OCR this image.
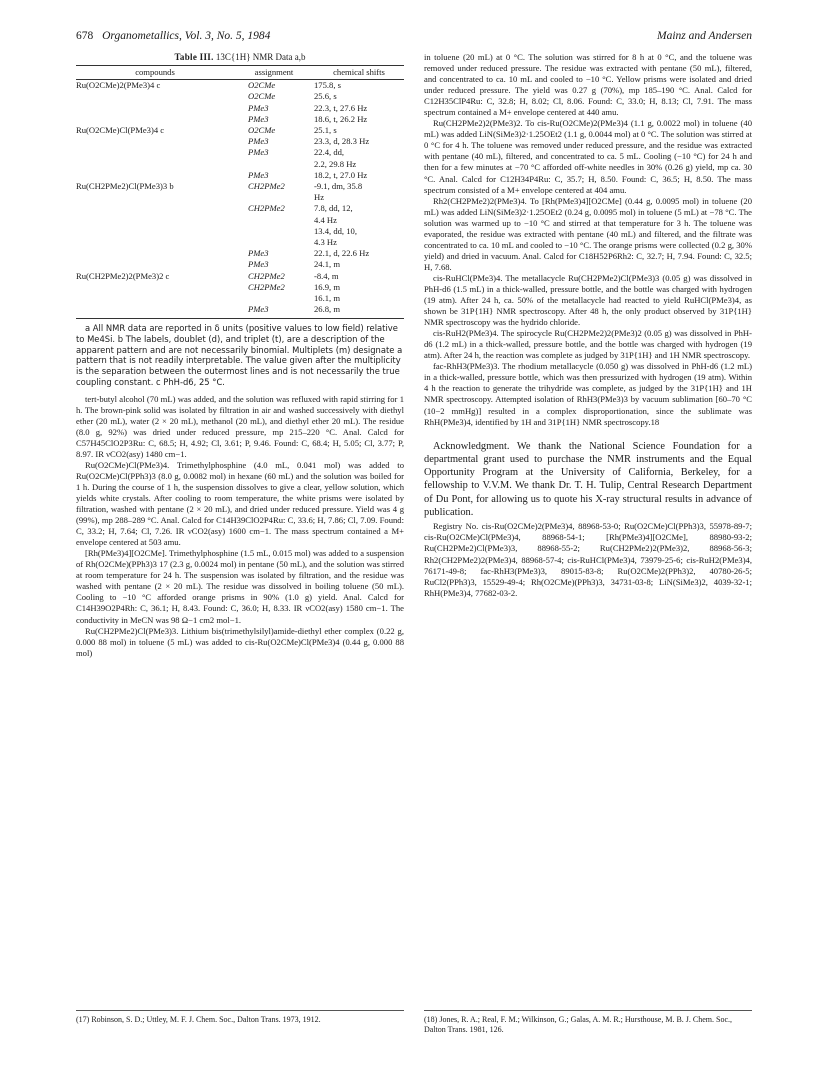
678 Organometallics, Vol. 3, No. 5, 1984	Mainz and Andersen
Table III. 13C{1H} NMR Data a,b
compounds	assignment	chemical shifts
Ru(O2CMe)2(PMe3)4 c	O2CMe	175.8, s
O2CMe	25.6, s
PMe3	22.3, t, 27.6 Hz
PMe3	18.6, t, 26.2 Hz
Ru(O2CMe)Cl(PMe3)4 c	O2CMe	25.1, s
PMe3	23.3, d, 28.3 Hz
PMe3	22.4, dd,
2.2, 29.8 Hz
PMe3	18.2, t, 27.0 Hz
Ru(CH2PMe2)Cl(PMe3)3 b	CH2PMe2	-9.1, dm, 35.8
Hz
CH2PMe2	7.8, dd, 12,
4.4 Hz
13.4, dd, 10,
4.3 Hz
PMe3	22.1, d, 22.6 Hz
PMe3	24.1, m
Ru(CH2PMe2)2(PMe3)2 c	CH2PMe2	-8.4, m
CH2PMe2	16.9, m
16.1, m
PMe3	26.8, m

a All NMR data are reported in δ units (positive values to low field) relative to Me4Si. b The labels, doublet (d), and triplet (t), are a description of the apparent pattern and are not necessarily binomial. Multiplets (m) designate a pattern that is not readily interpretable. The value given after the multiplicity is the separation between the outermost lines and is not necessarily the true coupling constant. c PhH-d6, 25 °C.

tert-butyl alcohol (70 mL) was added, and the solution was refluxed with rapid stirring for 1 h. The brown-pink solid was isolated by filtration in air and washed successively with diethyl ether (20 mL), water (2 × 20 mL), methanol (20 mL), and diethyl ether 20 mL). The residue (8.0 g, 92%) was dried under reduced pressure, mp 215–220 °C. Anal. Calcd for C57H45ClO2P3Ru: C, 68.5; H, 4.92; Cl, 3.61; P, 9.46. Found: C, 68.4; H, 5.05; Cl, 3.77; P, 8.97. IR νCO2(asy) 1480 cm−1.

Ru(O2CMe)Cl(PMe3)4. Trimethylphosphine (4.0 mL, 0.041 mol) was added to Ru(O2CMe)Cl(PPh3)3 (8.0 g, 0.0082 mol) in hexane (60 mL) and the solution was boiled for 1 h. During the course of 1 h, the suspension dissolves to give a clear, yellow solution, which yields white crystals. After cooling to room temperature, the white prisms were isolated by filtration, washed with pentane (2 × 20 mL), and dried under reduced pressure. Yield was 4 g (99%), mp 288–289 °C. Anal. Calcd for C14H39ClO2P4Ru: C, 33.6; H, 7.86; Cl, 7.09. Found: C, 33.2; H, 7.64; Cl, 7.26. IR νCO2(asy) 1600 cm−1. The mass spectrum contained a M+ envelope centered at 503 amu.

[Rh(PMe3)4][O2CMe]. Trimethylphosphine (1.5 mL, 0.015 mol) was added to a suspension of Rh(O2CMe)(PPh3)3 17 (2.3 g, 0.0024 mol) in pentane (50 mL), and the solution was stirred at room temperature for 24 h. The suspension was isolated by filtration, and the residue was washed with pentane (2 × 20 mL). The residue was dissolved in boiling toluene (50 mL). Cooling to −10 °C afforded orange prisms in 90% (1.0 g) yield. Anal. Calcd for C14H39O2P4Rh: C, 36.1; H, 8.43. Found: C, 36.0; H, 8.33. IR νCO2(asy) 1580 cm−1. The conductivity in MeCN was 98 Ω−1 cm2 mol−1.

Ru(CH2PMe2)Cl(PMe3)3. Lithium bis(trimethylsilyl)amide-diethyl ether complex (0.22 g, 0.000 88 mol) in toluene (5 mL) was added to cis-Ru(O2CMe)Cl(PMe3)4 (0.44 g, 0.000 88 mol)

in toluene (20 mL) at 0 °C. The solution was stirred for 8 h at 0 °C, and the toluene was removed under reduced pressure. The residue was extracted with pentane (50 mL), filtered, and concentrated to ca. 10 mL and cooled to −10 °C. Yellow prisms were isolated and dried under reduced pressure. The yield was 0.27 g (70%), mp 185–190 °C. Anal. Calcd for C12H35ClP4Ru: C, 32.8; H, 8.02; Cl, 8.06. Found: C, 33.0; H, 8.13; Cl, 7.91. The mass spectrum contained a M+ envelope centered at 440 amu.

Ru(CH2PMe2)2(PMe3)2. To cis-Ru(O2CMe)2(PMe3)4 (1.1 g, 0.0022 mol) in toluene (40 mL) was added LiN(SiMe3)2·1.25OEt2 (1.1 g, 0.0044 mol) at 0 °C. The solution was stirred at 0 °C for 4 h. The toluene was removed under reduced pressure, and the residue was extracted with pentane (40 mL), filtered, and concentrated to ca. 5 mL. Cooling (−10 °C) for 24 h and then for a few minutes at −70 °C afforded off-white needles in 30% (0.26 g) yield, mp ca. 30 °C. Anal. Calcd for C12H34P4Ru: C, 35.7; H, 8.50. Found: C, 36.5; H, 8.50. The mass spectrum consisted of a M+ envelope centered at 404 amu.

Rh2(CH2PMe2)2(PMe3)4. To [Rh(PMe3)4][O2CMe] (0.44 g, 0.0095 mol) in toluene (20 mL) was added LiN(SiMe3)2·1.25OEt2 (0.24 g, 0.0095 mol) in toluene (5 mL) at −78 °C. The solution was warmed up to −10 °C and stirred at that temperature for 3 h. The toluene was evaporated, the residue was extracted with pentane (40 mL) and filtered, and the filtrate was concentrated to ca. 10 mL and cooled to −10 °C. The orange prisms were collected (0.2 g, 30% yield) and dried in vacuum. Anal. Calcd for C18H52P6Rh2: C, 32.7; H, 7.94. Found: C, 32.5; H, 7.68.

cis-RuHCl(PMe3)4. The metallacycle Ru(CH2PMe2)Cl(PMe3)3 (0.05 g) was dissolved in PhH-d6 (1.5 mL) in a thick-walled, pressure bottle, and the bottle was charged with hydrogen (19 atm). After 24 h, ca. 50% of the metallacycle had reacted to yield RuHCl(PMe3)4, as shown be 31P{1H} NMR spectroscopy. After 48 h, the only product observed by 31P{1H} NMR spectroscopy was the hydrido chloride.

cis-RuH2(PMe3)4. The spirocycle Ru(CH2PMe2)2(PMe3)2 (0.05 g) was dissolved in PhH-d6 (1.2 mL) in a thick-walled, pressure bottle, and the bottle was charged with hydrogen (19 atm). After 24 h, the reaction was complete as judged by 31P{1H} and 1H NMR spectroscopy.

fac-RhH3(PMe3)3. The rhodium metallacycle (0.050 g) was dissolved in PhH-d6 (1.2 mL) in a thick-walled, pressure bottle, which was then pressurized with hydrogen (19 atm). Within 4 h the reaction to generate the trihydride was complete, as judged by the 31P{1H} and 1H NMR spectroscopy. Attempted isolation of RhH3(PMe3)3 by vacuum sublimation [60–70 °C (10−2 mmHg)] resulted in a complex disproportionation, since the sublimate was RhH(PMe3)4, identified by 1H and 31P{1H} NMR spectroscopy.18

Acknowledgment. We thank the National Science Foundation for a departmental grant used to purchase the NMR instruments and the Equal Opportunity Program at the University of California, Berkeley, for a fellowship to V.V.M. We thank Dr. T. H. Tulip, Central Research Department of Du Pont, for allowing us to quote his X-ray structural results in advance of publication.

Registry No. cis-Ru(O2CMe)2(PMe3)4, 88968-53-0; Ru(O2CMe)Cl(PPh3)3, 55978-89-7; cis-Ru(O2CMe)Cl(PMe3)4, 88968-54-1; [Rh(PMe3)4][O2CMe], 88980-93-2; Ru(CH2PMe2)Cl(PMe3)3, 88968-55-2; Ru(CH2PMe2)2(PMe3)2, 88968-56-3; Rh2(CH2PMe2)2(PMe3)4, 88968-57-4; cis-RuHCl(PMe3)4, 73979-25-6; cis-RuH2(PMe3)4, 76171-49-8; fac-RhH3(PMe3)3, 89015-83-8; Ru(O2CMe)2(PPh3)2, 40780-26-5; RuCl2(PPh3)3, 15529-49-4; Rh(O2CMe)(PPh3)3, 34731-03-8; LiN(SiMe3)2, 4039-32-1; RhH(PMe3)4, 77682-03-2.

(17) Robinson, S. D.; Uttley, M. F. J. Chem. Soc., Dalton Trans. 1973, 1912.	(18) Jones, R. A.; Real, F. M.; Wilkinson, G.; Galas, A. M. R.; Hursthouse, M. B. J. Chem. Soc., Dalton Trans. 1981, 126.
